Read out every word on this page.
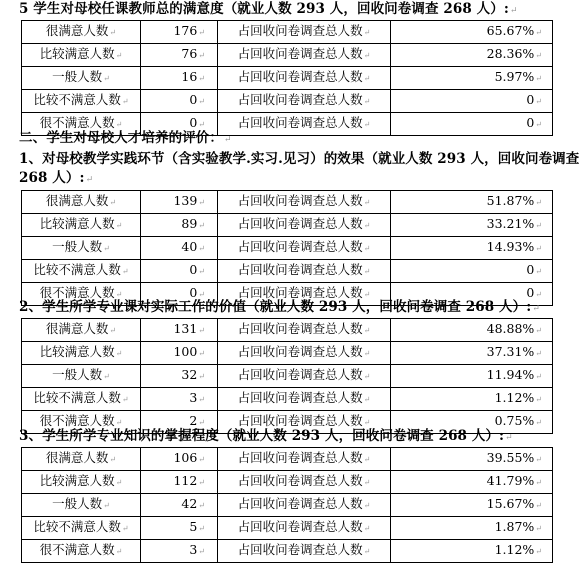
5 学生对母校任课教师总的满意度（就业人数 293 人，回收问卷调查 268 人）:↵
很满意人数↵	176↵	占回收问卷调查总人数↵	65.67%↵
比较满意人数↵	76↵	占回收问卷调查总人数↵	28.36%↵
一般人数↵	16↵	占回收问卷调查总人数↵	5.97%↵
比较不满意人数↵	0↵	占回收问卷调查总人数↵	0↵
很不满意人数↵	0↵	占回收问卷调查总人数↵	0↵
二、学生对母校人才培养的评价：↵
1、对母校教学实践环节（含实验教学.实习.见习）的效果（就业人数 293 人，回收问卷调查 268 人）:↵
很满意人数↵	139↵	占回收问卷调查总人数↵	51.87%↵
比较满意人数↵	89↵	占回收问卷调查总人数↵	33.21%↵
一般人数↵	40↵	占回收问卷调查总人数↵	14.93%↵
比较不满意人数↵	0↵	占回收问卷调查总人数↵	0↵
很不满意人数↵	0↵	占回收问卷调查总人数↵	0↵
2、学生所学专业课对实际工作的价值（就业人数 293 人，回收问卷调查 268 人）:↵
很满意人数↵	131↵	占回收问卷调查总人数↵	48.88%↵
比较满意人数↵	100↵	占回收问卷调查总人数↵	37.31%↵
一般人数↵	32↵	占回收问卷调查总人数↵	11.94%↵
比较不满意人数↵	3↵	占回收问卷调查总人数↵	1.12%↵
很不满意人数↵	2↵	占回收问卷调查总人数↵	0.75%↵
3、学生所学专业知识的掌握程度（就业人数 293 人，回收问卷调查 268 人）:↵
很满意人数↵	106↵	占回收问卷调查总人数↵	39.55%↵
比较满意人数↵	112↵	占回收问卷调查总人数↵	41.79%↵
一般人数↵	42↵	占回收问卷调查总人数↵	15.67%↵
比较不满意人数↵	5↵	占回收问卷调查总人数↵	1.87%↵
很不满意人数↵	3↵	占回收问卷调查总人数↵	1.12%↵
